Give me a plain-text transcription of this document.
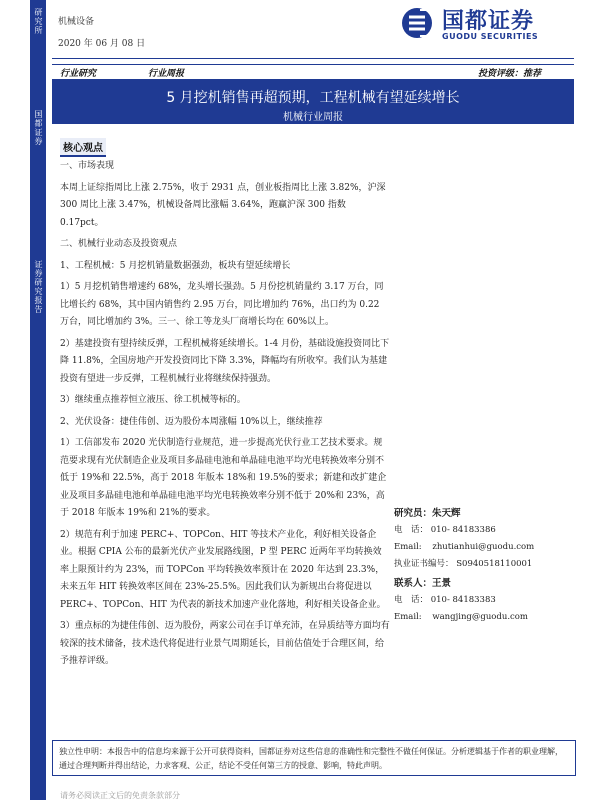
研究所
国都证券
证券研究报告
机械设备
2020 年 06 月 08 日
国都证券
GUODU SECURITIES
行业研究	行业周报	投资评级：推荐
5 月挖机销售再超预期，工程机械有望延续增长
机械行业周报
核心观点

一、市场表现

本周上证综指周比上涨 2.75%，收于 2931 点，创业板指周比上涨 3.82%，沪深 300 周比上涨 3.47%，机械设备周比涨幅 3.64%，跑赢沪深 300 指数 0.17pct。

二、机械行业动态及投资观点

1、工程机械：5 月挖机销量数据强劲，板块有望延续增长

1）5 月挖机销售增速约 68%，龙头增长强劲。5 月份挖机销量约 3.17 万台，同比增长约 68%，其中国内销售约 2.95 万台，同比增加约 76%，出口约为 0.22 万台，同比增加约 3%。三一、徐工等龙头厂商增长均在 60%以上。

2）基建投资有望持续反弹，工程机械将延续增长。1-4 月份，基础设施投资同比下降 11.8%，全国房地产开发投资同比下降 3.3%，降幅均有所收窄。我们认为基建投资有望进一步反弹，工程机械行业将继续保持强劲。

3）继续重点推荐恒立液压、徐工机械等标的。

2、光伏设备：捷佳伟创、迈为股份本周涨幅 10%以上，继续推荐

1）工信部发布 2020 光伏制造行业规范，进一步提高光伏行业工艺技术要求。规范要求现有光伏制造企业及项目多晶硅电池和单晶硅电池平均光电转换效率分别不低于 19%和 22.5%，高于 2018 年版本 18%和 19.5%的要求；新建和改扩建企业及项目多晶硅电池和单晶硅电池平均光电转换效率分别不低于 20%和 23%，高于 2018 年版本 19%和 21%的要求。

2）规范有利于加速 PERC+、TOPCon、HIT 等技术产业化，利好相关设备企业。根据 CPIA 公布的最新光伏产业发展路线图，P 型 PERC 近两年平均转换效率上限预计约为 23%，而 TOPCon 平均转换效率预计在 2020 年达到 23.3%，未来五年 HIT 转换效率区间在 23%-25.5%。因此我们认为新规出台将促进以 PERC+、TOPCon、HIT 为代表的新技术加速产业化落地，利好相关设备企业。

3）重点标的为捷佳伟创、迈为股份，两家公司在手订单充沛，在异质结等方面均有较深的技术储备，技术迭代将促进行业景气周期延长，目前估值处于合理区间，给予推荐评级。

研究员：朱天辉
电　话： 010- 84183386
Email: zhutianhui@guodu.com
执业证书编号： S0940518110001
联系人：王景
电　话： 010- 84183383
Email: wangjing@guodu.com

独立性申明：本报告中的信息均来源于公开可获得资料，国都证券对这些信息的准确性和完整性不做任何保证。分析逻辑基于作者的职业理解，通过合理判断并得出结论，力求客观、公正，结论不受任何第三方的授意、影响，特此声明。

请务必阅读正文后的免责条款部分
